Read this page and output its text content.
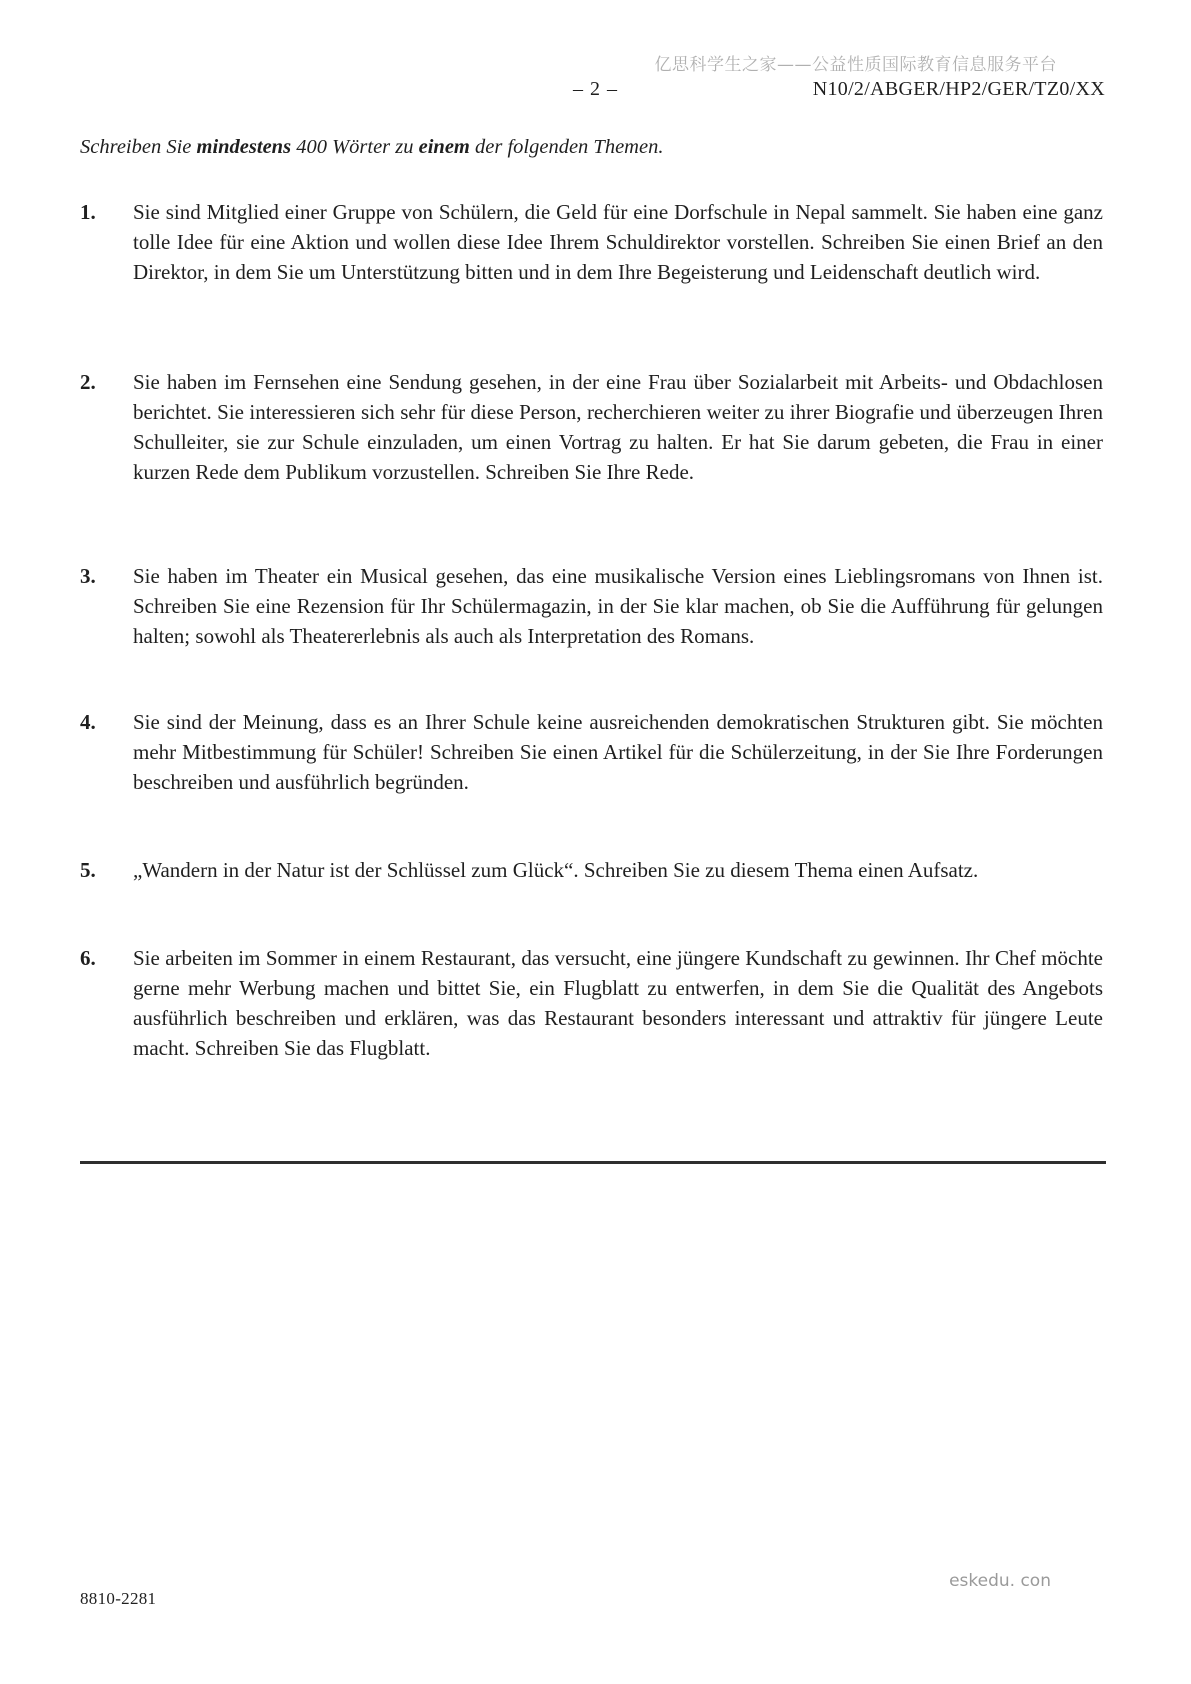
亿思科学生之家——公益性质国际教育信息服务平台
– 2 –	N10/2/ABGER/HP2/GER/TZ0/XX
Schreiben Sie mindestens 400 Wörter zu einem der folgenden Themen.
1.	Sie sind Mitglied einer Gruppe von Schülern, die Geld für eine Dorfschule in Nepal sammelt. Sie haben eine ganz tolle Idee für eine Aktion und wollen diese Idee Ihrem Schuldirektor vorstellen. Schreiben Sie einen Brief an den Direktor, in dem Sie um Unterstützung bitten und in dem Ihre Begeisterung und Leidenschaft deutlich wird.
2.	Sie haben im Fernsehen eine Sendung gesehen, in der eine Frau über Sozialarbeit mit Arbeits- und Obdachlosen berichtet. Sie interessieren sich sehr für diese Person, recherchieren weiter zu ihrer Biografie und überzeugen Ihren Schulleiter, sie zur Schule einzuladen, um einen Vortrag zu halten. Er hat Sie darum gebeten, die Frau in einer kurzen Rede dem Publikum vorzustellen. Schreiben Sie Ihre Rede.
3.	Sie haben im Theater ein Musical gesehen, das eine musikalische Version eines Lieblingsromans von Ihnen ist. Schreiben Sie eine Rezension für Ihr Schülermagazin, in der Sie klar machen, ob Sie die Aufführung für gelungen halten; sowohl als Theatererlebnis als auch als Interpretation des Romans.
4.	Sie sind der Meinung, dass es an Ihrer Schule keine ausreichenden demokratischen Strukturen gibt. Sie möchten mehr Mitbestimmung für Schüler! Schreiben Sie einen Artikel für die Schülerzeitung, in der Sie Ihre Forderungen beschreiben und ausführlich begründen.
5.	„Wandern in der Natur ist der Schlüssel zum Glück“. Schreiben Sie zu diesem Thema einen Aufsatz.
6.	Sie arbeiten im Sommer in einem Restaurant, das versucht, eine jüngere Kundschaft zu gewinnen. Ihr Chef möchte gerne mehr Werbung machen und bittet Sie, ein Flugblatt zu entwerfen, in dem Sie die Qualität des Angebots ausführlich beschreiben und erklären, was das Restaurant besonders interessant und attraktiv für jüngere Leute macht. Schreiben Sie das Flugblatt.
8810-2281
eskedu. con
